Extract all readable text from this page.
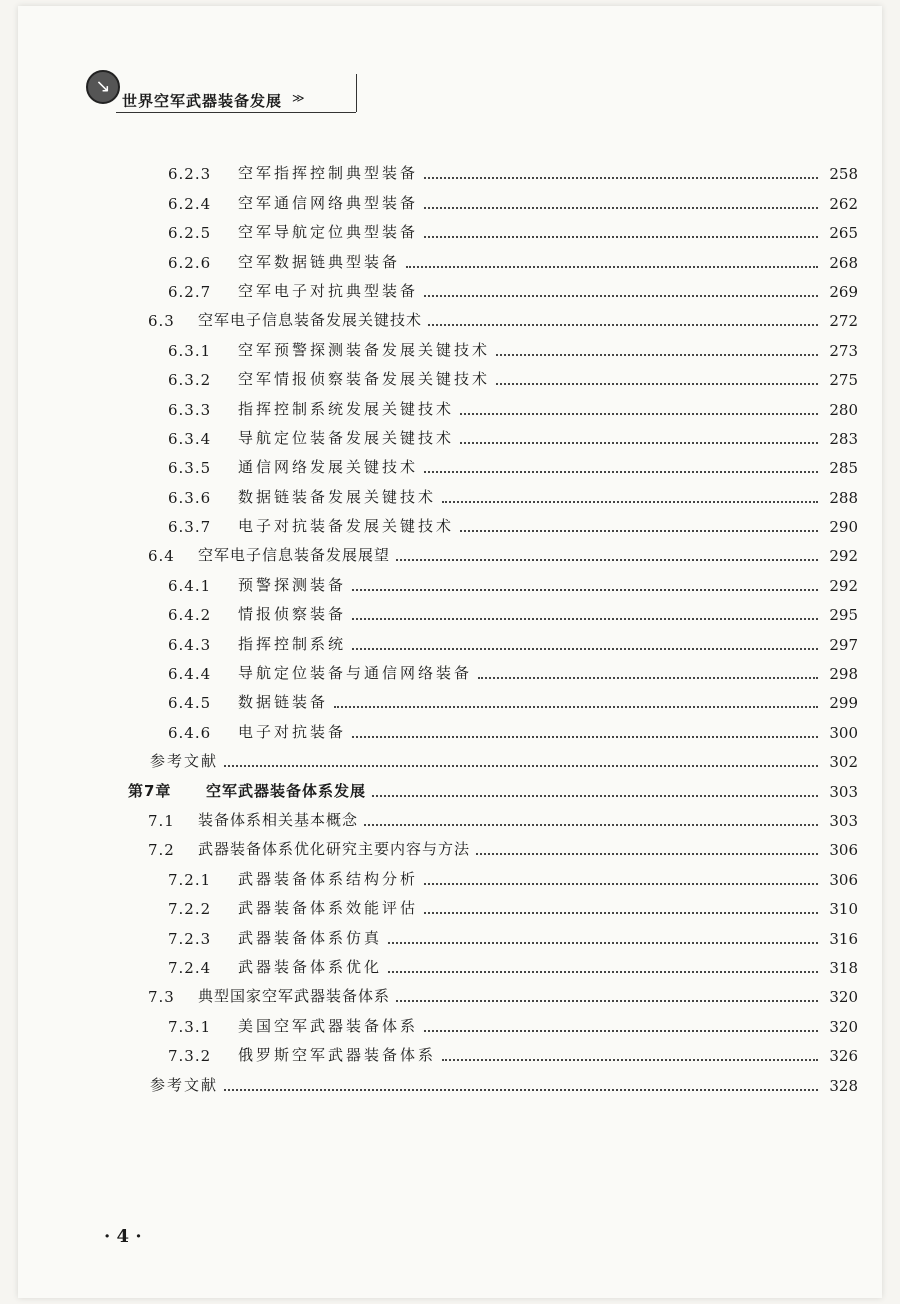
↘
世界空军武器装备发展 ≫
6.2.3	空军指挥控制典型装备	258
6.2.4	空军通信网络典型装备	262
6.2.5	空军导航定位典型装备	265
6.2.6	空军数据链典型装备	268
6.2.7	空军电子对抗典型装备	269
6.3	空军电子信息装备发展关键技术	272
6.3.1	空军预警探测装备发展关键技术	273
6.3.2	空军情报侦察装备发展关键技术	275
6.3.3	指挥控制系统发展关键技术	280
6.3.4	导航定位装备发展关键技术	283
6.3.5	通信网络发展关键技术	285
6.3.6	数据链装备发展关键技术	288
6.3.7	电子对抗装备发展关键技术	290
6.4	空军电子信息装备发展展望	292
6.4.1	预警探测装备	292
6.4.2	情报侦察装备	295
6.4.3	指挥控制系统	297
6.4.4	导航定位装备与通信网络装备	298
6.4.5	数据链装备	299
6.4.6	电子对抗装备	300
参考文献	302
第7章	空军武器装备体系发展	303
7.1	装备体系相关基本概念	303
7.2	武器装备体系优化研究主要内容与方法	306
7.2.1	武器装备体系结构分析	306
7.2.2	武器装备体系效能评估	310
7.2.3	武器装备体系仿真	316
7.2.4	武器装备体系优化	318
7.3	典型国家空军武器装备体系	320
7.3.1	美国空军武器装备体系	320
7.3.2	俄罗斯空军武器装备体系	326
参考文献	328
· 4 ·
